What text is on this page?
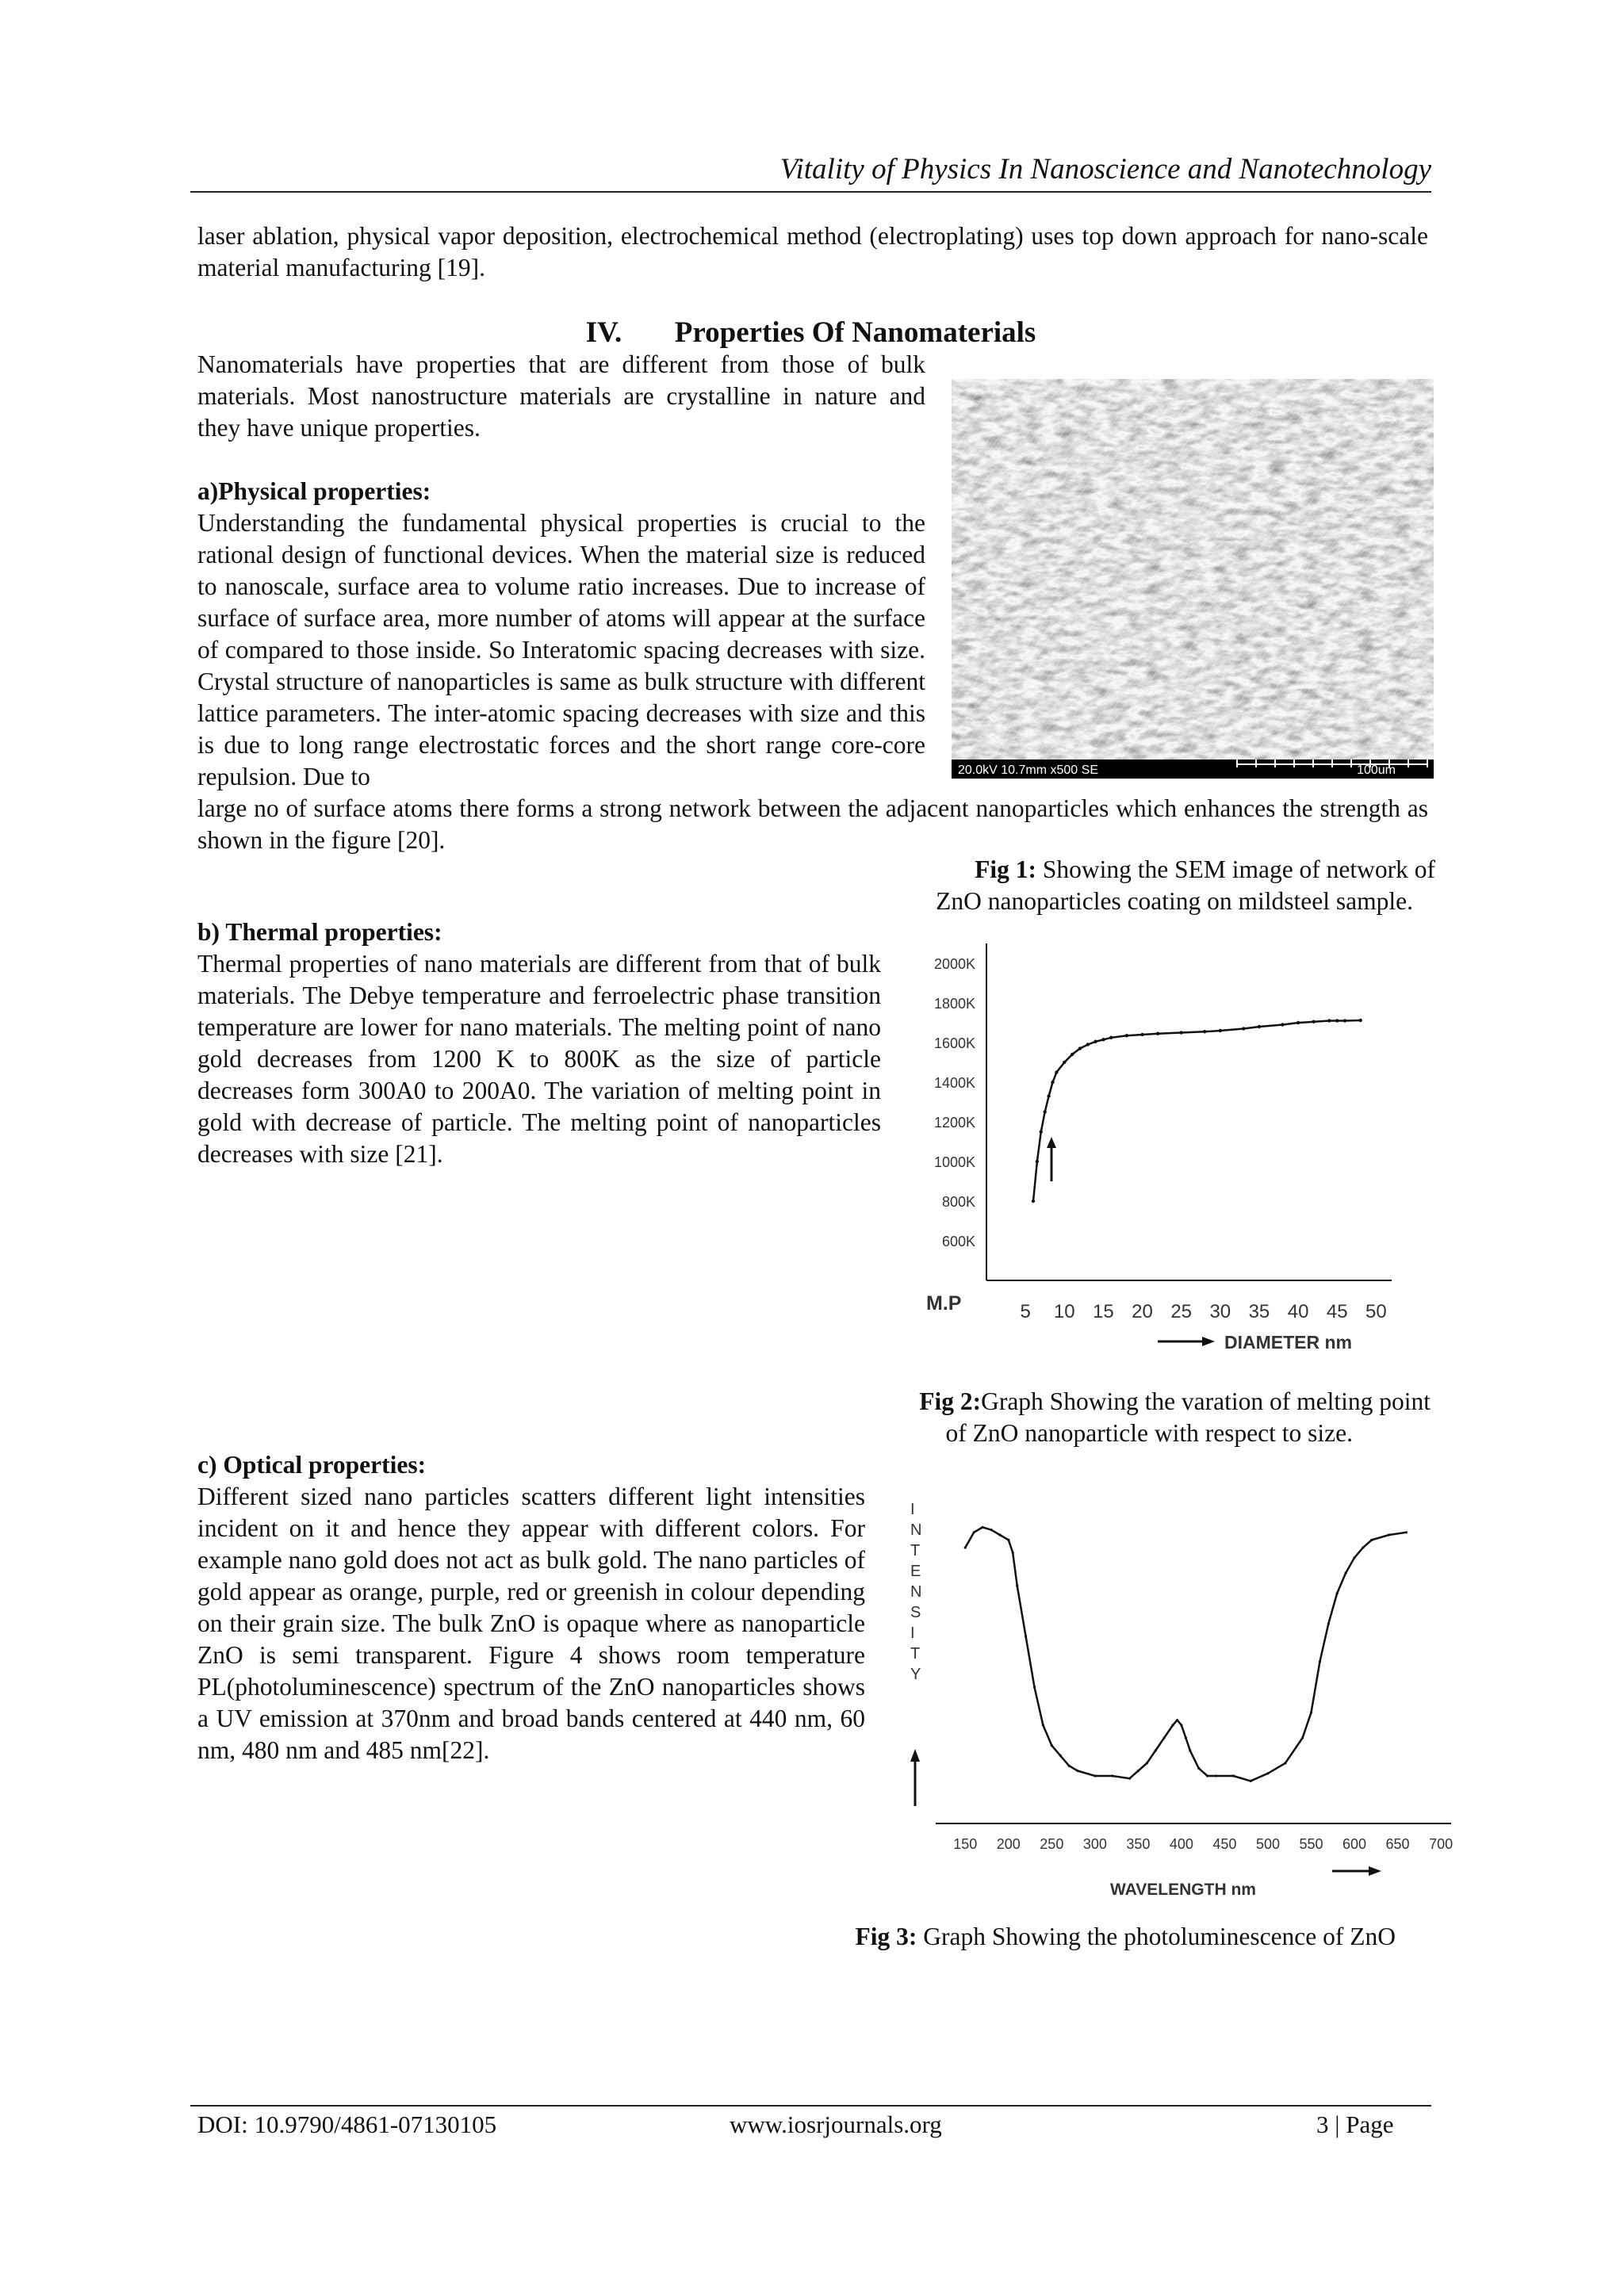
Vitality of Physics In Nanoscience and Nanotechnology

laser ablation, physical vapor deposition, electrochemical method (electroplating) uses top down approach for nano-scale material manufacturing [19].

IV. Properties Of Nanomaterials

Nanomaterials have properties that are different from those of bulk materials. Most nanostructure materials are crystalline in nature and they have unique properties.

a)Physical properties:

Understanding the fundamental physical properties is crucial to the rational design of functional devices. When the material size is reduced to nanoscale, surface area to volume ratio increases. Due to increase of surface of surface area, more number of atoms will appear at the surface of compared to those inside. So Interatomic spacing decreases with size. Crystal structure of nanoparticles is same as bulk structure with different lattice parameters. The inter-atomic spacing decreases with size and this is due to long range electrostatic forces and the short range core-core repulsion. Due to

large no of surface atoms there forms a strong network between the adjacent nanoparticles which enhances the strength as shown in the figure [20].

20.0kV 10.7mm x500 SE	100um
Fig 1: Showing the SEM image of network of
ZnO nanoparticles coating on mildsteel sample.
b) Thermal properties:

Thermal properties of nano materials are different from that of bulk materials. The Debye temperature and ferroelectric phase transition temperature are lower for nano materials. The melting point of nano gold decreases from 1200 K to 800K as the size of particle decreases form 300A0 to 200A0. The variation of melting point in gold with decrease of particle. The melting point of nanoparticles decreases with size [21].

2000K
1800K
1600K
1400K
1200K
1000K
800K
600K
5 10 15 20 25 30 35 40 45 50
M.P
DIAMETER nm
Fig 2:Graph Showing the varation of melting point
of ZnO nanoparticle with respect to size.
c) Optical properties:

Different sized nano particles scatters different light intensities incident on it and hence they appear with different colors. For example nano gold does not act as bulk gold. The nano particles of gold appear as orange, purple, red or greenish in colour depending on their grain size. The bulk ZnO is opaque where as nanoparticle ZnO is semi transparent. Figure 4 shows room temperature PL(photoluminescence) spectrum of the ZnO nanoparticles shows a UV emission at 370nm and broad bands centered at 440 nm, 60 nm, 480 nm and 485 nm[22].

I
N
T
E
N
S
I
T
Y
150 200 250 300 350 400 450 500 550 600 650 700
WAVELENGTH nm
Fig 3: Graph Showing the photoluminescence of ZnO
DOI: 10.9790/4861-07130105	www.iosrjournals.org	3 | Page
